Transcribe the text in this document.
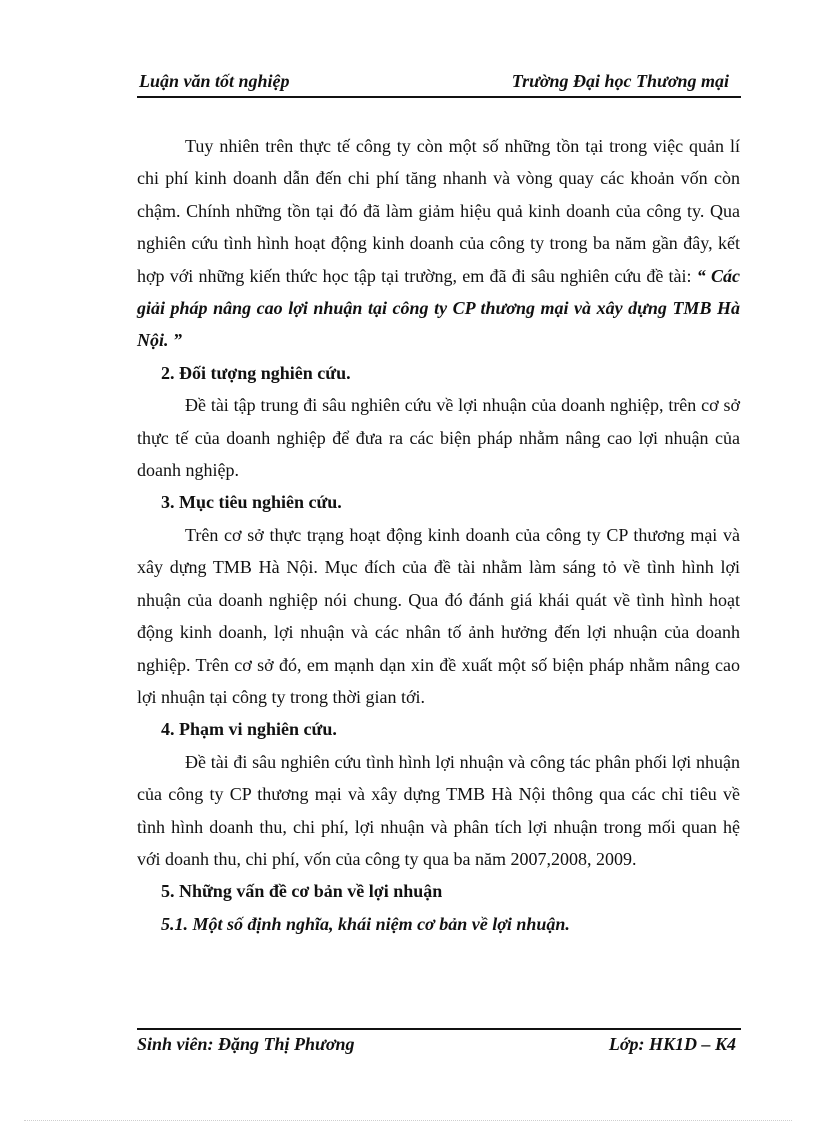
Luận văn tốt nghiệp	Trường Đại học Thương mại

Tuy nhiên trên thực tế công ty còn một số những tồn tại trong việc quản lí chi phí kinh doanh dẫn đến chi phí tăng nhanh và vòng quay các khoản vốn còn chậm. Chính những tồn tại đó đã làm giảm hiệu quả kinh doanh của công ty. Qua nghiên cứu tình hình hoạt động kinh doanh của công ty trong ba năm gần đây, kết hợp với những kiến thức học tập tại trường, em đã đi sâu nghiên cứu đề tài: “ Các giải pháp nâng cao lợi nhuận tại công ty CP thương mại và xây dựng TMB Hà Nội. ”

2. Đối tượng nghiên cứu.

Đề tài tập trung đi sâu nghiên cứu về lợi nhuận của doanh nghiệp, trên cơ sở thực tế của doanh nghiệp để đưa ra các biện pháp nhằm nâng cao lợi nhuận của doanh nghiệp.

3. Mục tiêu nghiên cứu.

Trên cơ sở thực trạng hoạt động kinh doanh của công ty CP thương mại và xây dựng TMB Hà Nội. Mục đích của đề tài nhằm làm sáng tỏ về tình hình lợi nhuận của doanh nghiệp nói chung. Qua đó đánh giá khái quát về tình hình hoạt động kinh doanh, lợi nhuận và các nhân tố ảnh hưởng đến lợi nhuận của doanh nghiệp. Trên cơ sở đó, em mạnh dạn xin đề xuất một số biện pháp nhằm nâng cao lợi nhuận tại công ty trong thời gian tới.

4. Phạm vi nghiên cứu.

Đề tài đi sâu nghiên cứu tình hình lợi nhuận và công tác phân phối lợi nhuận của công ty CP thương mại và xây dựng TMB Hà Nội thông qua các chỉ tiêu về tình hình doanh thu, chi phí, lợi nhuận và phân tích lợi nhuận trong mối quan hệ với doanh thu, chi phí, vốn của công ty qua ba năm 2007,2008, 2009.

5. Những vấn đề cơ bản về lợi nhuận

5.1. Một số định nghĩa, khái niệm cơ bản về lợi nhuận.

Sinh viên: Đặng Thị Phương	Lớp: HK1D – K4
